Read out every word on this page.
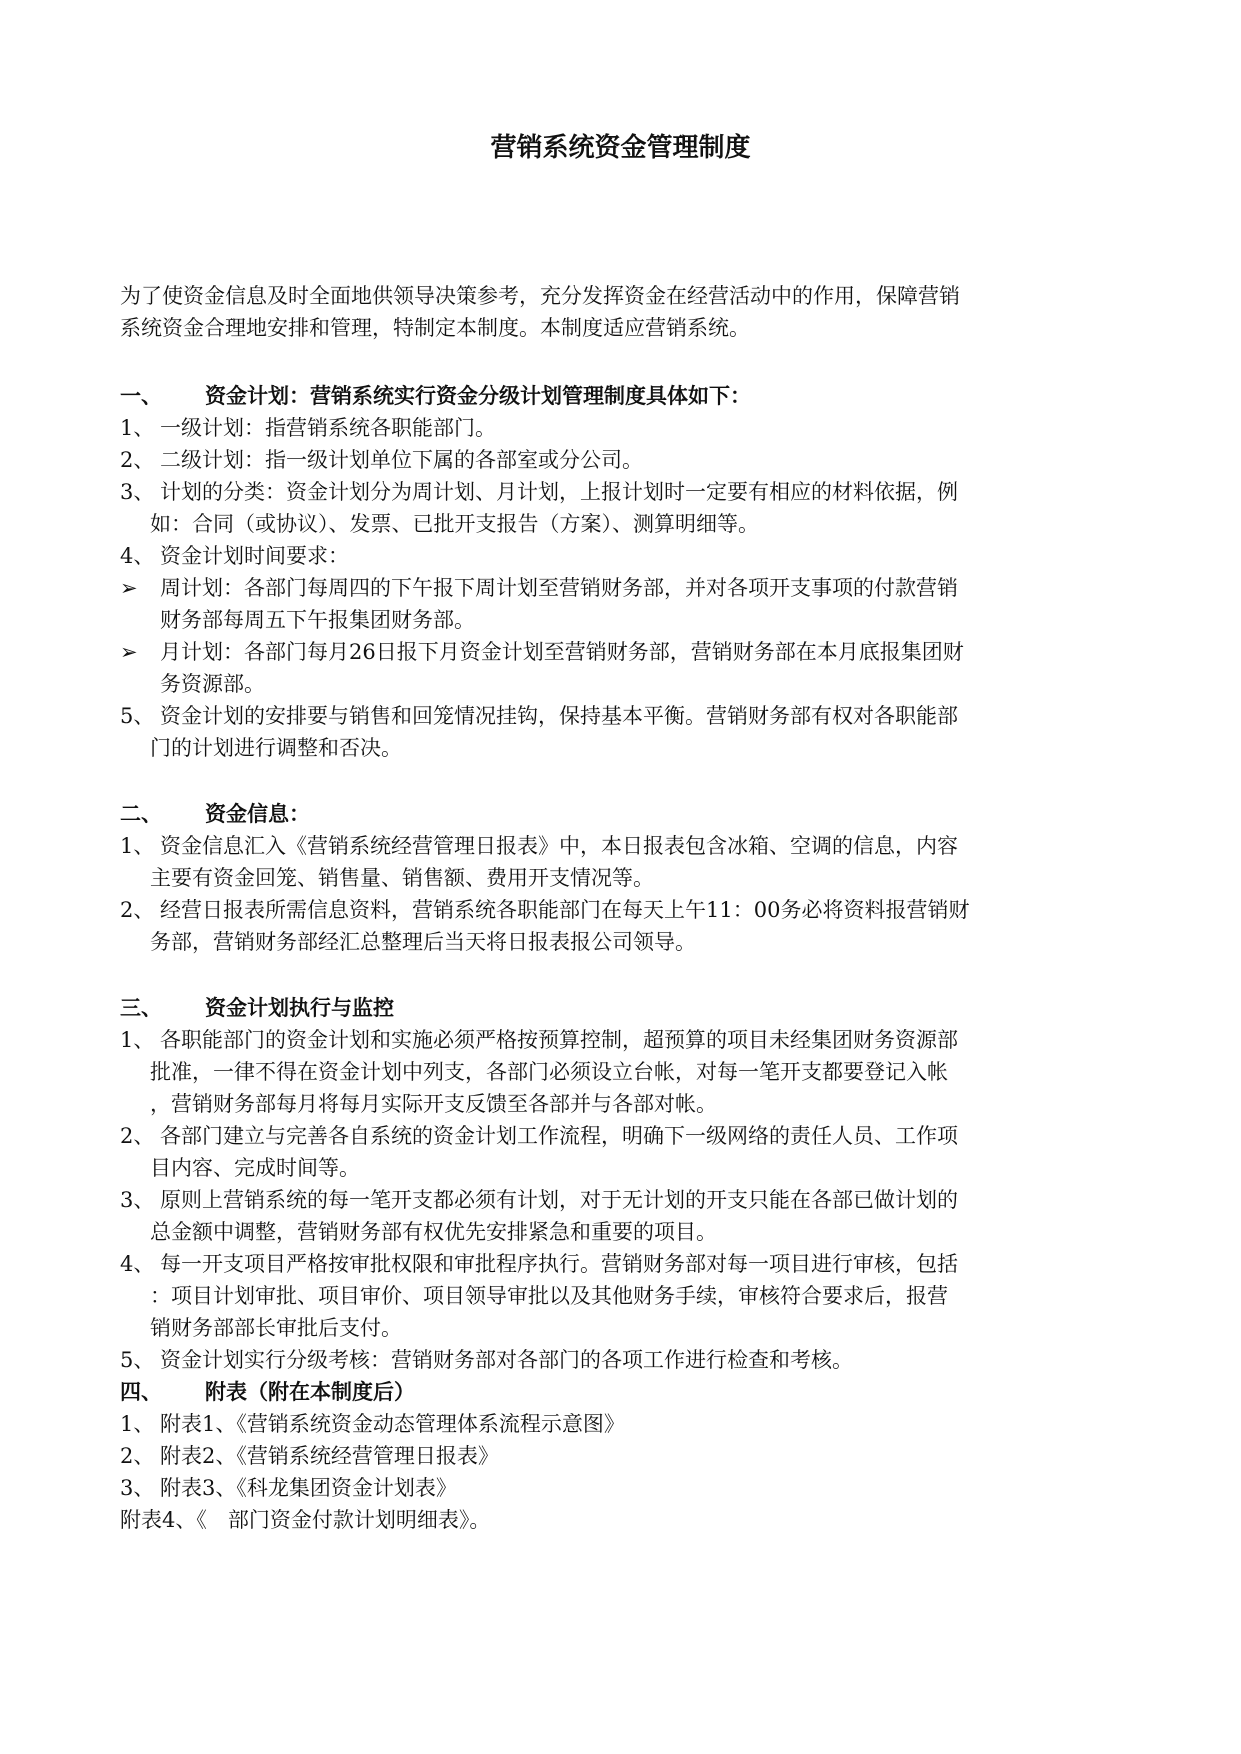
营销系统资金管理制度
为了使资金信息及时全面地供领导决策参考，充分发挥资金在经营活动中的作用，保障营销
系统资金合理地安排和管理，特制定本制度。本制度适应营销系统。
一、 资金计划：营销系统实行资金分级计划管理制度具体如下：
1、 一级计划：指营销系统各职能部门。
2、 二级计划：指一级计划单位下属的各部室或分公司。
3、 计划的分类：资金计划分为周计划、月计划，上报计划时一定要有相应的材料依据，例
如：合同（或协议）、发票、已批开支报告（方案）、测算明细等。
4、 资金计划时间要求：
➢ 周计划：各部门每周四的下午报下周计划至营销财务部，并对各项开支事项的付款营销
财务部每周五下午报集团财务部。
➢ 月计划：各部门每月26日报下月资金计划至营销财务部，营销财务部在本月底报集团财
务资源部。
5、 资金计划的安排要与销售和回笼情况挂钩，保持基本平衡。营销财务部有权对各职能部
门的计划进行调整和否决。
二、 资金信息：
1、 资金信息汇入《营销系统经营管理日报表》中，本日报表包含冰箱、空调的信息，内容
主要有资金回笼、销售量、销售额、费用开支情况等。
2、 经营日报表所需信息资料，营销系统各职能部门在每天上午11：00务必将资料报营销财
务部，营销财务部经汇总整理后当天将日报表报公司领导。
三、 资金计划执行与监控
1、 各职能部门的资金计划和实施必须严格按预算控制，超预算的项目未经集团财务资源部
批准，一律不得在资金计划中列支，各部门必须设立台帐，对每一笔开支都要登记入帐
，营销财务部每月将每月实际开支反馈至各部并与各部对帐。
2、 各部门建立与完善各自系统的资金计划工作流程，明确下一级网络的责任人员、工作项
目内容、完成时间等。
3、 原则上营销系统的每一笔开支都必须有计划，对于无计划的开支只能在各部已做计划的
总金额中调整，营销财务部有权优先安排紧急和重要的项目。
4、 每一开支项目严格按审批权限和审批程序执行。营销财务部对每一项目进行审核，包括
：项目计划审批、项目审价、项目领导审批以及其他财务手续，审核符合要求后，报营
销财务部部长审批后支付。
5、 资金计划实行分级考核：营销财务部对各部门的各项工作进行检查和考核。
四、 附表（附在本制度后）
1、 附表1、《营销系统资金动态管理体系流程示意图》
2、 附表2、《营销系统经营管理日报表》
3、 附表3、《科龙集团资金计划表》
附表4、《　部门资金付款计划明细表》。
